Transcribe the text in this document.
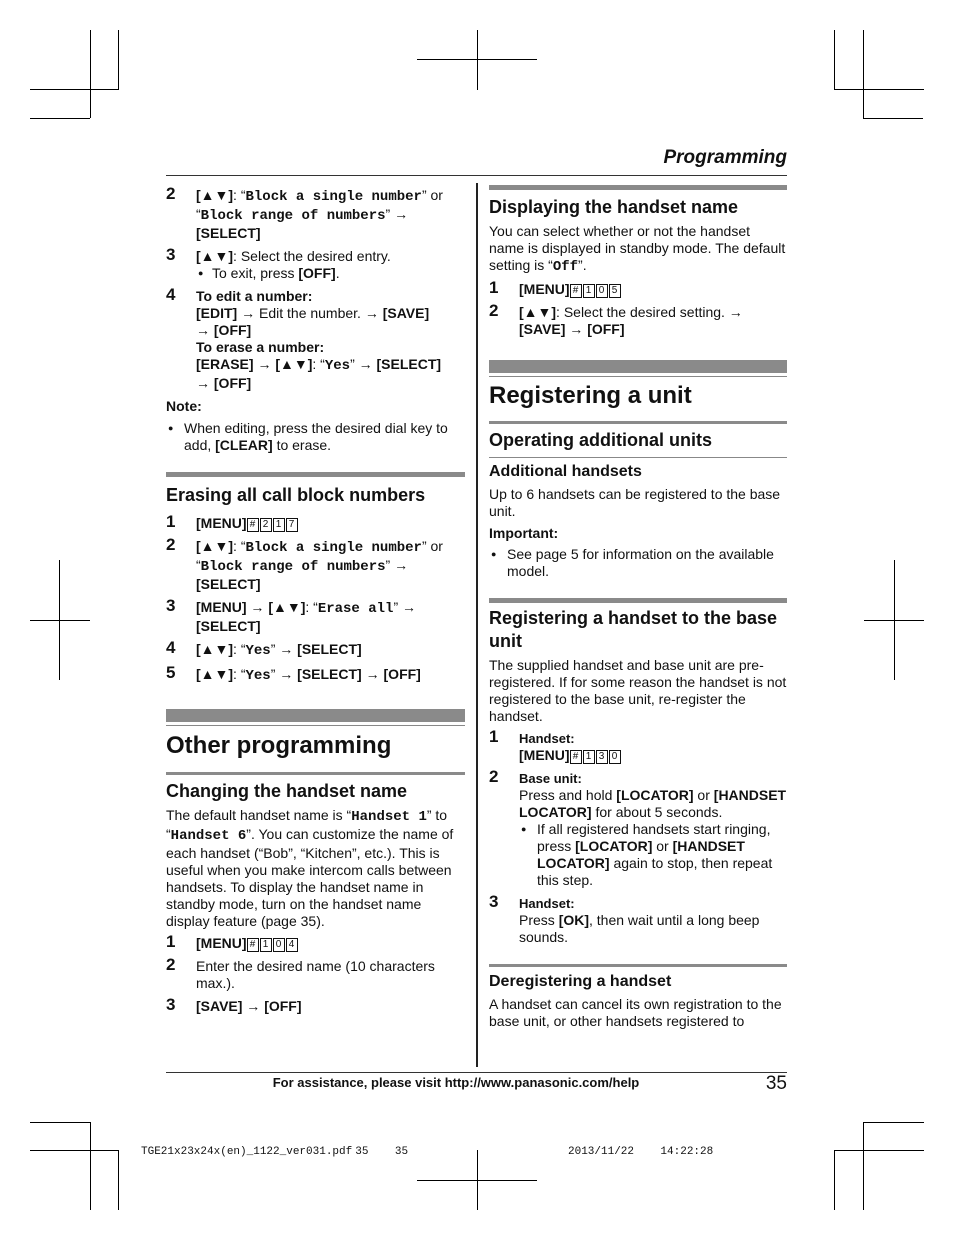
Programming
2 [▲▼]: “Block a single number” or “Block range of numbers” → [SELECT]
3 [▲▼]: Select the desired entry.
● To exit, press [OFF].
4 To edit a number:
[EDIT] → Edit the number. → [SAVE]
→ [OFF]
To erase a number:
[ERASE] → [▲▼]: “Yes” → [SELECT]
→ [OFF]
Note:
● When editing, press the desired dial key to add, [CLEAR] to erase.
Erasing all call block numbers
1 [MENU] # 2 1 7
2 [▲▼]: “Block a single number” or “Block range of numbers” → [SELECT]
3 [MENU] → [▲▼]: “Erase all” → [SELECT]
4 [▲▼]: “Yes” → [SELECT]
5 [▲▼]: “Yes” → [SELECT] → [OFF]
Other programming
Changing the handset name
The default handset name is “Handset 1” to “Handset 6”. You can customize the name of each handset (“Bob”, “Kitchen”, etc.). This is useful when you make intercom calls between handsets. To display the handset name in standby mode, turn on the handset name display feature (page 35).
1 [MENU] # 1 0 4
2 Enter the desired name (10 characters max.).
3 [SAVE] → [OFF]
Displaying the handset name
You can select whether or not the handset name is displayed in standby mode. The default setting is “Off”.
1 [MENU] # 1 0 5
2 [▲▼]: Select the desired setting. →
[SAVE] → [OFF]
Registering a unit
Operating additional units
Additional handsets
Up to 6 handsets can be registered to the base unit.
Important:
● See page 5 for information on the available model.
Registering a handset to the base unit
The supplied handset and base unit are pre-registered. If for some reason the handset is not registered to the base unit, re-register the handset.
1 Handset:
[MENU] # 1 3 0
2 Base unit:
Press and hold [LOCATOR] or [HANDSET LOCATOR] for about 5 seconds.
● If all registered handsets start ringing, press [LOCATOR] or [HANDSET LOCATOR] again to stop, then repeat this step.
3 Handset:
Press [OK], then wait until a long beep sounds.
Deregistering a handset
A handset can cancel its own registration to the base unit, or other handsets registered to
For assistance, please visit http://www.panasonic.com/help	35
TGE21x23x24x(en)_1122_ver031.pdf 35 35	2013/11/22 14:22:28
